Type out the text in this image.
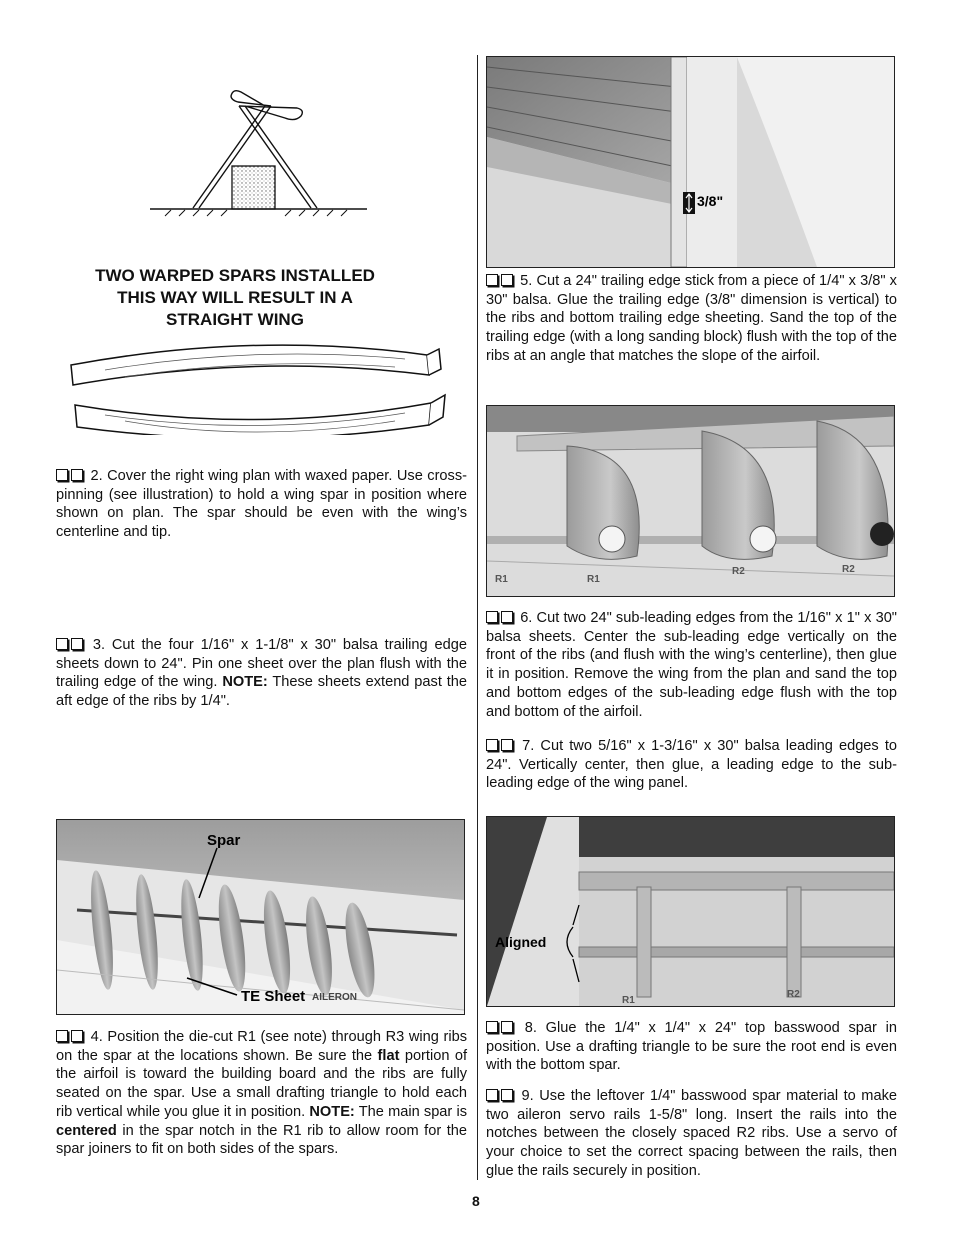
TWO WARPED SPARS INSTALLED
THIS WAY WILL RESULT IN A
STRAIGHT WING

2. Cover the right wing plan with waxed paper. Use cross-pinning (see illustration) to hold a wing spar in position where shown on plan. The spar should be even with the wing’s centerline and tip.

3. Cut the four 1/16" x 1-1/8" x 30" balsa trailing edge sheets down to 24". Pin one sheet over the plan flush with the trailing edge of the wing. NOTE: These sheets extend past the aft edge of the ribs by 1/4".

Spar
TE Sheet AILERON

4. Position the die-cut R1 (see note) through R3 wing ribs on the spar at the locations shown. Be sure the flat portion of the airfoil is toward the building board and the ribs are fully seated on the spar. Use a small drafting triangle to hold each rib vertical while you glue it in position. NOTE: The main spar is centered in the spar notch in the R1 rib to allow room for the spar joiners to fit on both sides of the spars.

3/8"

5. Cut a 24" trailing edge stick from a piece of 1/4" x 3/8" x 30" balsa. Glue the trailing edge (3/8" dimension is vertical) to the ribs and bottom trailing edge sheeting. Sand the top of the trailing edge (with a long sanding block) flush with the top of the ribs at an angle that matches the slope of the airfoil.

R1	R1
R2	R2

6. Cut two 24" sub-leading edges from the 1/16" x 1" x 30" balsa sheets. Center the sub-leading edge vertically on the front of the ribs (and flush with the wing’s centerline), then glue it in position. Remove the wing from the plan and sand the top and bottom edges of the sub-leading edge flush with the top and bottom of the airfoil.

7. Cut two 5/16" x 1-3/16" x 30" balsa leading edges to 24". Vertically center, then glue, a leading edge to the sub-leading edge of the wing panel.

Aligned
R1
R2

8. Glue the 1/4" x 1/4" x 24" top basswood spar in position. Use a drafting triangle to be sure the root end is even with the bottom spar.

9. Use the leftover 1/4" basswood spar material to make two aileron servo rails 1-5/8" long. Insert the rails into the notches between the closely spaced R2 ribs. Use a servo of your choice to set the correct spacing between the rails, then glue the rails securely in position.

8
